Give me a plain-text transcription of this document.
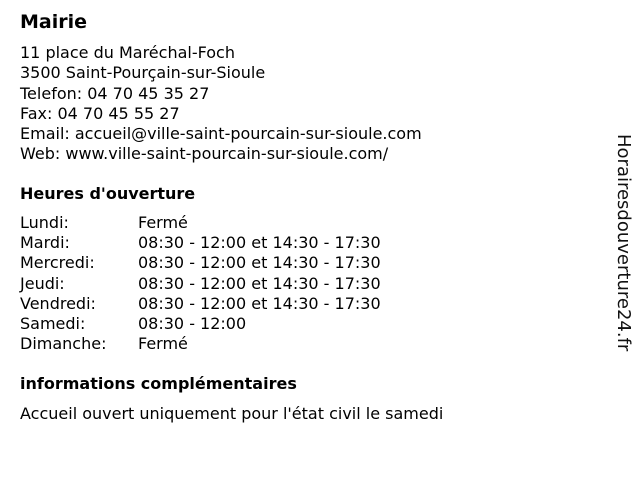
Mairie
11 place du Maréchal-Foch
3500 Saint-Pourçain-sur-Sioule
Telefon: 04 70 45 35 27
Fax: 04 70 45 55 27
Email: accueil@ville-saint-pourcain-sur-sioule.com
Web: www.ville-saint-pourcain-sur-sioule.com/
Heures d'ouverture
Lundi:	Fermé
Mardi:	08:30 - 12:00 et 14:30 - 17:30
Mercredi:	08:30 - 12:00 et 14:30 - 17:30
Jeudi:	08:30 - 12:00 et 14:30 - 17:30
Vendredi:	08:30 - 12:00 et 14:30 - 17:30
Samedi:	08:30 - 12:00
Dimanche:	Fermé
informations complémentaires
Accueil ouvert uniquement pour l'état civil le samedi
Horairesdouverture24.fr
